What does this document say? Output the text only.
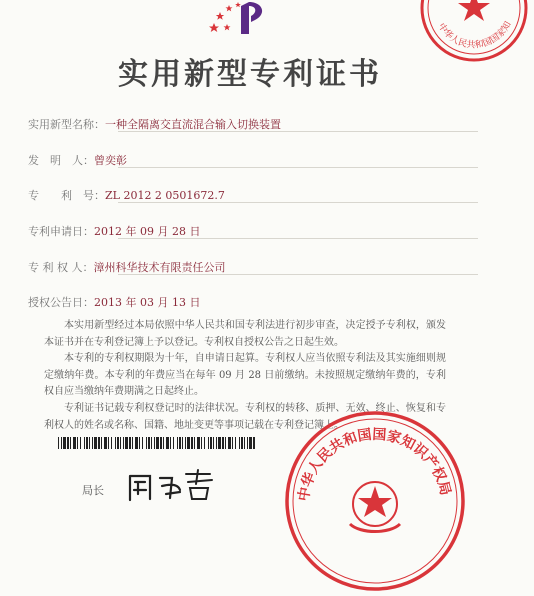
中华人民共和国国家知
实用新型专利证书
实用新型名称：一种全隔离交直流混合输入切换装置
发　明　人：曾奕彰
专　　利　号：ZL 2012 2 0501672.7
专利申请日：2012 年 09 月 28 日
专 利 权 人：漳州科华技术有限责任公司
授权公告日：2013 年 03 月 13 日

本实用新型经过本局依照中华人民共和国专利法进行初步审查，决定授予专利权，颁发本证书并在专利登记簿上予以登记。专利权自授权公告之日起生效。

本专利的专利权期限为十年，自申请日起算。专利权人应当依照专利法及其实施细则规定缴纳年费。本专利的年费应当在每年 09 月 28 日前缴纳。未按照规定缴纳年费的，专利权自应当缴纳年费期满之日起终止。

专利证书记载专利权登记时的法律状况。专利权的转移、质押、无效、终止、恢复和专利权人的姓名或名称、国籍、地址变更等事项记载在专利登记簿上。

局长	中华人民共和国国家知识产权局
